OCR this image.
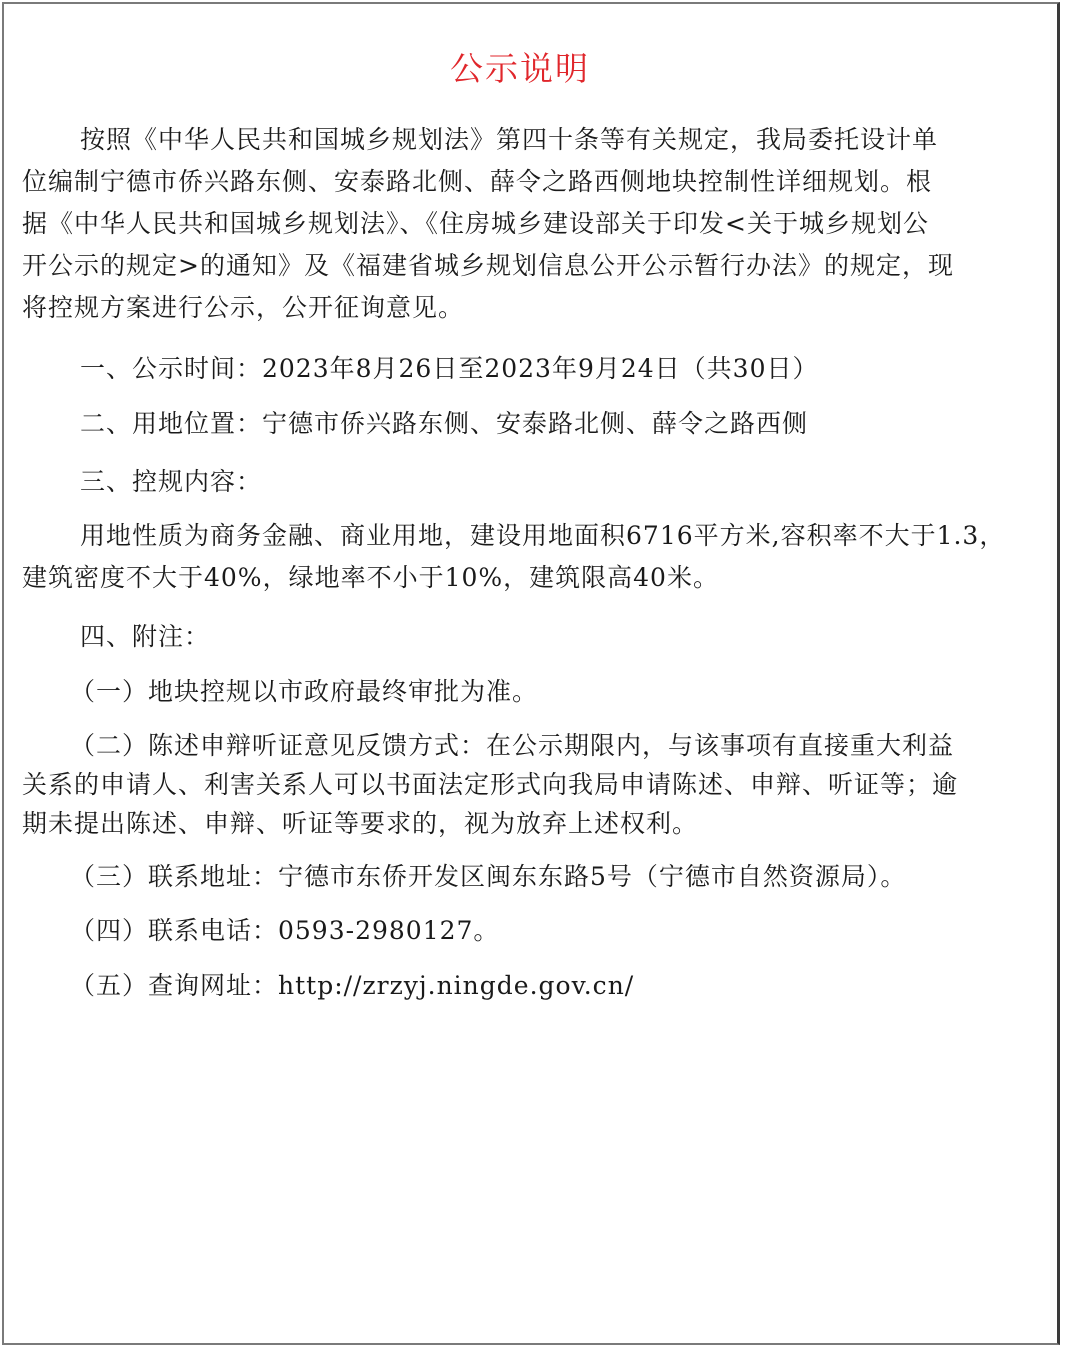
公示说明

按照《中华人民共和国城乡规划法》第四十条等有关规定，我局委托设计单

位编制宁德市侨兴路东侧、安泰路北侧、薛令之路西侧地块控制性详细规划。根

据《中华人民共和国城乡规划法》、《住房城乡建设部关于印发<关于城乡规划公

开公示的规定>的通知》及《福建省城乡规划信息公开公示暂行办法》的规定，现

将控规方案进行公示，公开征询意见。

一、公示时间：2023年8月26日至2023年9月24日（共30日）

二、用地位置：宁德市侨兴路东侧、安泰路北侧、薛令之路西侧

三、控规内容：

用地性质为商务金融、商业用地，建设用地面积6716平方米,容积率不大于1.3，

建筑密度不大于40%，绿地率不小于10%，建筑限高40米。

四、附注：

（一）地块控规以市政府最终审批为准。

（二）陈述申辩听证意见反馈方式：在公示期限内，与该事项有直接重大利益

关系的申请人、利害关系人可以书面法定形式向我局申请陈述、申辩、听证等；逾

期未提出陈述、申辩、听证等要求的，视为放弃上述权利。

（三）联系地址：宁德市东侨开发区闽东东路5号（宁德市自然资源局）。

（四）联系电话：0593-2980127。

（五）查询网址：http://zrzyj.ningde.gov.cn/
